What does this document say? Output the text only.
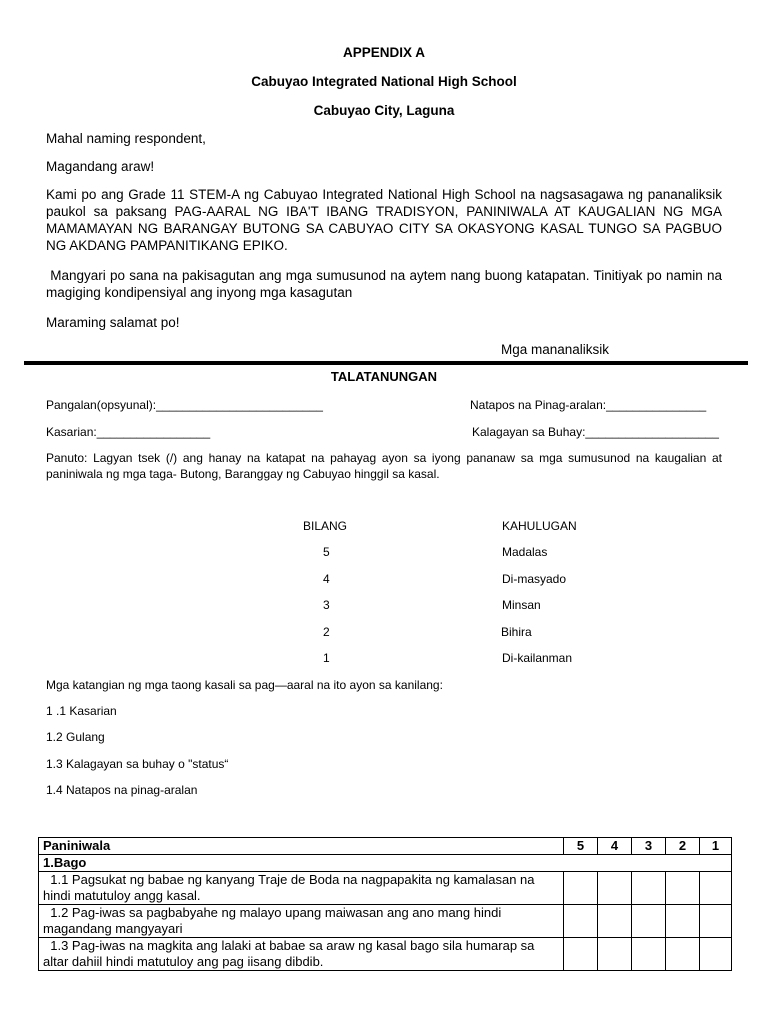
APPENDIX A
Cabuyao Integrated National High School
Cabuyao City, Laguna
Mahal naming respondent,
Magandang araw!
Kami po ang Grade 11 STEM-A ng Cabuyao Integrated National High School na nagsasagawa ng pananaliksik paukol sa paksang PAG-AARAL NG IBA'T IBANG TRADISYON, PANINIWALA AT KAUGALIAN NG MGA MAMAMAYAN NG BARANGAY BUTONG SA CABUYAO CITY SA OKASYONG KASAL TUNGO SA PAGBUO NG AKDANG PAMPANITIKANG EPIKO.
Mangyari po sana na pakisagutan ang mga sumusunod na aytem nang buong katapatan. Tinitiyak po namin na magiging kondipensiyal ang inyong mga kasagutan
Maraming salamat po!
Mga mananaliksik
TALATANUNGAN
Pangalan(opsyunal):_________________________	Natapos na Pinag-aralan:_______________
Kasarian:_________________	Kalagayan sa Buhay:____________________
Panuto: Lagyan tsek (/) ang hanay na katapat na pahayag ayon sa iyong pananaw sa mga sumusunod na kaugalian at paniniwala ng mga taga- Butong, Baranggay ng Cabuyao hinggil sa kasal.
BILANG	KAHULUGAN
5	Madalas
4	Di-masyado
3	Minsan
2	Bihira
1	Di-kailanman
Mga katangian ng mga taong kasali sa pag—aaral na ito ayon sa kanilang:
1 .1 Kasarian
1.2 Gulang
1.3 Kalagayan sa buhay o "status“
1.4 Natapos na pinag-aralan
Paniniwala	5	4	3	2	1
1.Bago					
1.1 Pagsukat ng babae ng kanyang Traje de Boda na nagpapakita ng kamalasan na hindi matutuloy angg kasal.					
1.2 Pag-iwas sa pagbabyahe ng malayo upang maiwasan ang ano mang hindi magandang mangyayari					
1.3 Pag-iwas na magkita ang lalaki at babae sa araw ng kasal bago sila humarap sa altar dahiil hindi matutuloy ang pag iisang dibdib.					
